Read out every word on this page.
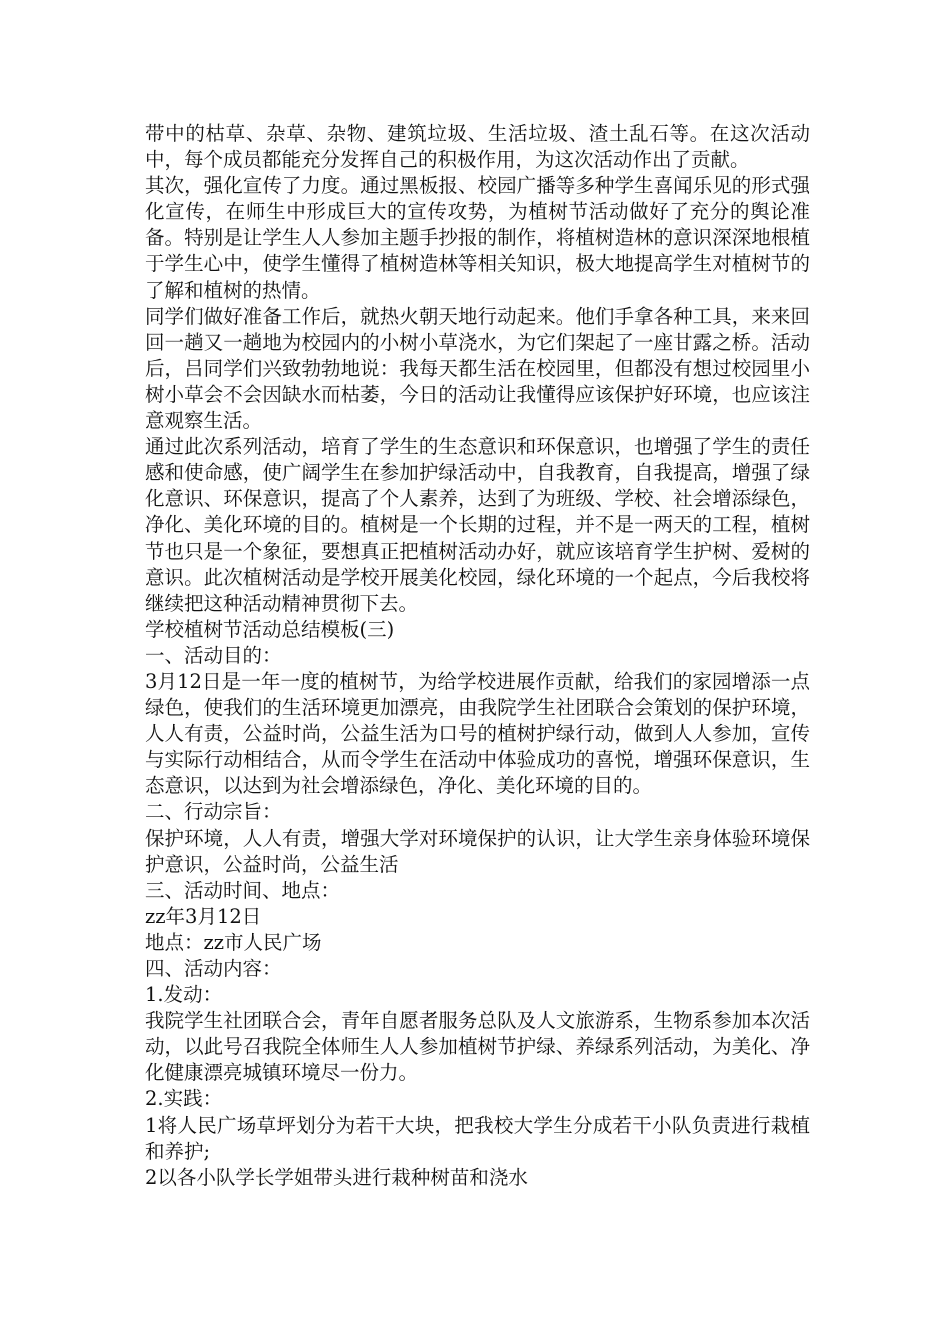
带中的枯草、杂草、杂物、建筑垃圾、生活垃圾、渣土乱石等。在这次活动中，每个成员都能充分发挥自己的积极作用，为这次活动作出了贡献。

其次，强化宣传了力度。通过黑板报、校园广播等多种学生喜闻乐见的形式强化宣传，在师生中形成巨大的宣传攻势，为植树节活动做好了充分的舆论准备。特别是让学生人人参加主题手抄报的制作，将植树造林的意识深深地根植于学生心中，使学生懂得了植树造林等相关知识，极大地提高学生对植树节的了解和植树的热情。

同学们做好准备工作后，就热火朝天地行动起来。他们手拿各种工具，来来回回一趟又一趟地为校园内的小树小草浇水，为它们架起了一座甘露之桥。活动后，吕同学们兴致勃勃地说：我每天都生活在校园里，但都没有想过校园里小树小草会不会因缺水而枯萎，今日的活动让我懂得应该保护好环境，也应该注意观察生活。

通过此次系列活动，培育了学生的生态意识和环保意识，也增强了学生的责任感和使命感，使广阔学生在参加护绿活动中，自我教育，自我提高，增强了绿化意识、环保意识，提高了个人素养，达到了为班级、学校、社会增添绿色，净化、美化环境的目的。植树是一个长期的过程，并不是一两天的工程，植树节也只是一个象征，要想真正把植树活动办好，就应该培育学生护树、爱树的意识。此次植树活动是学校开展美化校园，绿化环境的一个起点，今后我校将继续把这种活动精神贯彻下去。

学校植树节活动总结模板(三)

一、活动目的：

3月12日是一年一度的植树节，为给学校进展作贡献，给我们的家园增添一点绿色，使我们的生活环境更加漂亮，由我院学生社团联合会策划的保护环境，人人有责，公益时尚，公益生活为口号的植树护绿行动，做到人人参加，宣传与实际行动相结合，从而令学生在活动中体验成功的喜悦，增强环保意识，生态意识，以达到为社会增添绿色，净化、美化环境的目的。

二、行动宗旨：

保护环境，人人有责，增强大学对环境保护的认识，让大学生亲身体验环境保护意识，公益时尚，公益生活

三、活动时间、地点：

zz年3月12日

地点：zz市人民广场

四、活动内容：

1.发动：

我院学生社团联合会，青年自愿者服务总队及人文旅游系，生物系参加本次活动，以此号召我院全体师生人人参加植树节护绿、养绿系列活动，为美化、净化健康漂亮城镇环境尽一份力。

2.实践：

1将人民广场草坪划分为若干大块，把我校大学生分成若干小队负责进行栽植和养护;

2以各小队学长学姐带头进行栽种树苗和浇水
